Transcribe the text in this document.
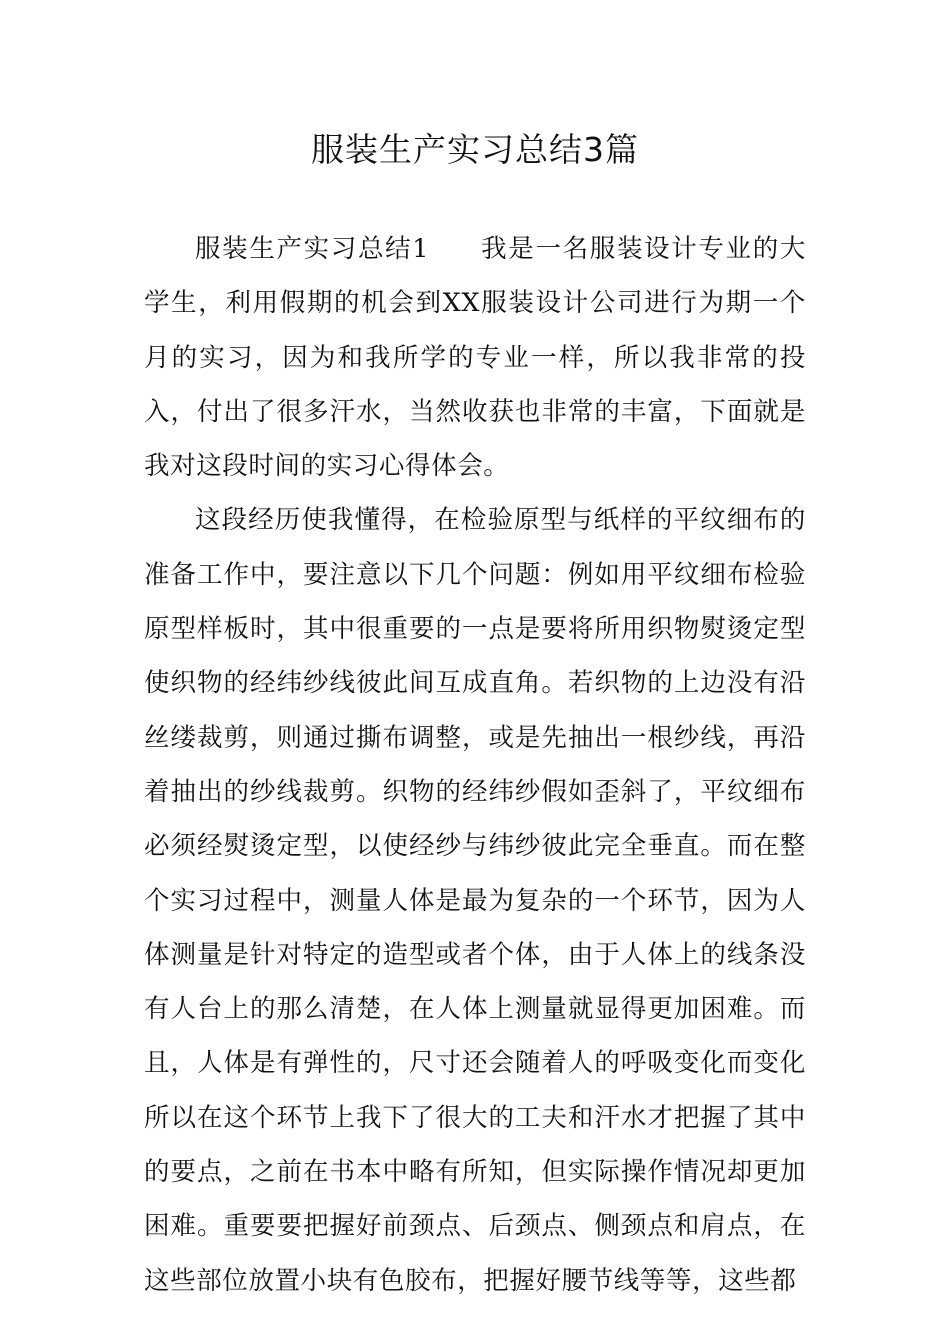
服装生产实习总结3篇

服装生产实习总结1 我是一名服装设计专业的大学生，利用假期的机会到XX服装设计公司进行为期一个月的实习，因为和我所学的专业一样，所以我非常的投入，付出了很多汗水，当然收获也非常的丰富，下面就是我对这段时间的实习心得体会。

这段经历使我懂得，在检验原型与纸样的平纹细布的准备工作中，要注意以下几个问题：例如用平纹细布检验原型样板时，其中很重要的一点是要将所用织物熨烫定型使织物的经纬纱线彼此间互成直角。若织物的上边没有沿丝缕裁剪，则通过撕布调整，或是先抽出一根纱线，再沿着抽出的纱线裁剪。织物的经纬纱假如歪斜了，平纹细布必须经熨烫定型，以使经纱与纬纱彼此完全垂直。而在整个实习过程中，测量人体是最为复杂的一个环节，因为人体测量是针对特定的造型或者个体，由于人体上的线条没有人台上的那么清楚，在人体上测量就显得更加困难。而且，人体是有弹性的，尺寸还会随着人的呼吸变化而变化所以在这个环节上我下了很大的工夫和汗水才把握了其中的要点，之前在书本中略有所知，但实际操作情况却更加困难。重要要把握好前颈点、后颈点、侧颈点和肩点，在这些部位放置小块有色胶布，把握好腰节线等等，这些都
